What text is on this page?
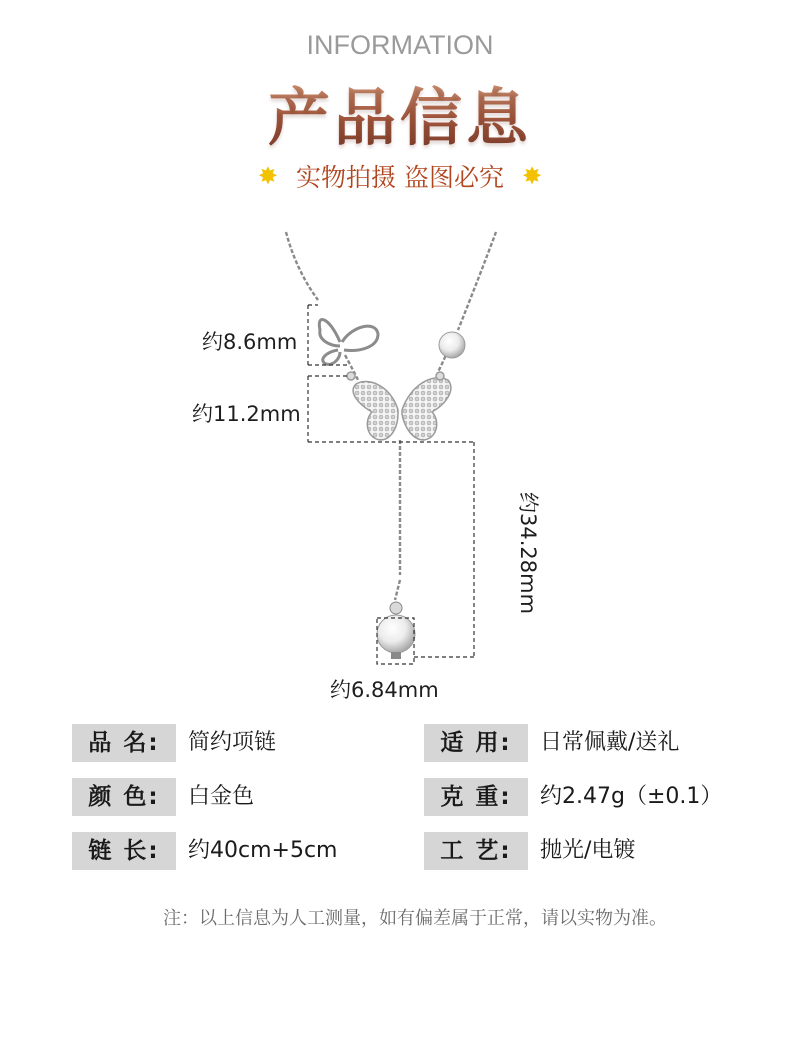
INFORMATION
产品信息
✸ 实物拍摄 盗图必究 ✸
约8.6mm
约11.2mm
约34.28mm
约6.84mm
品 名:	简约项链	适 用:	日常佩戴/送礼
颜 色:	白金色	克 重:	约2.47g（±0.1）
链 长:	约40cm+5cm	工 艺:	抛光/电镀
注：以上信息为人工测量，如有偏差属于正常，请以实物为准。
